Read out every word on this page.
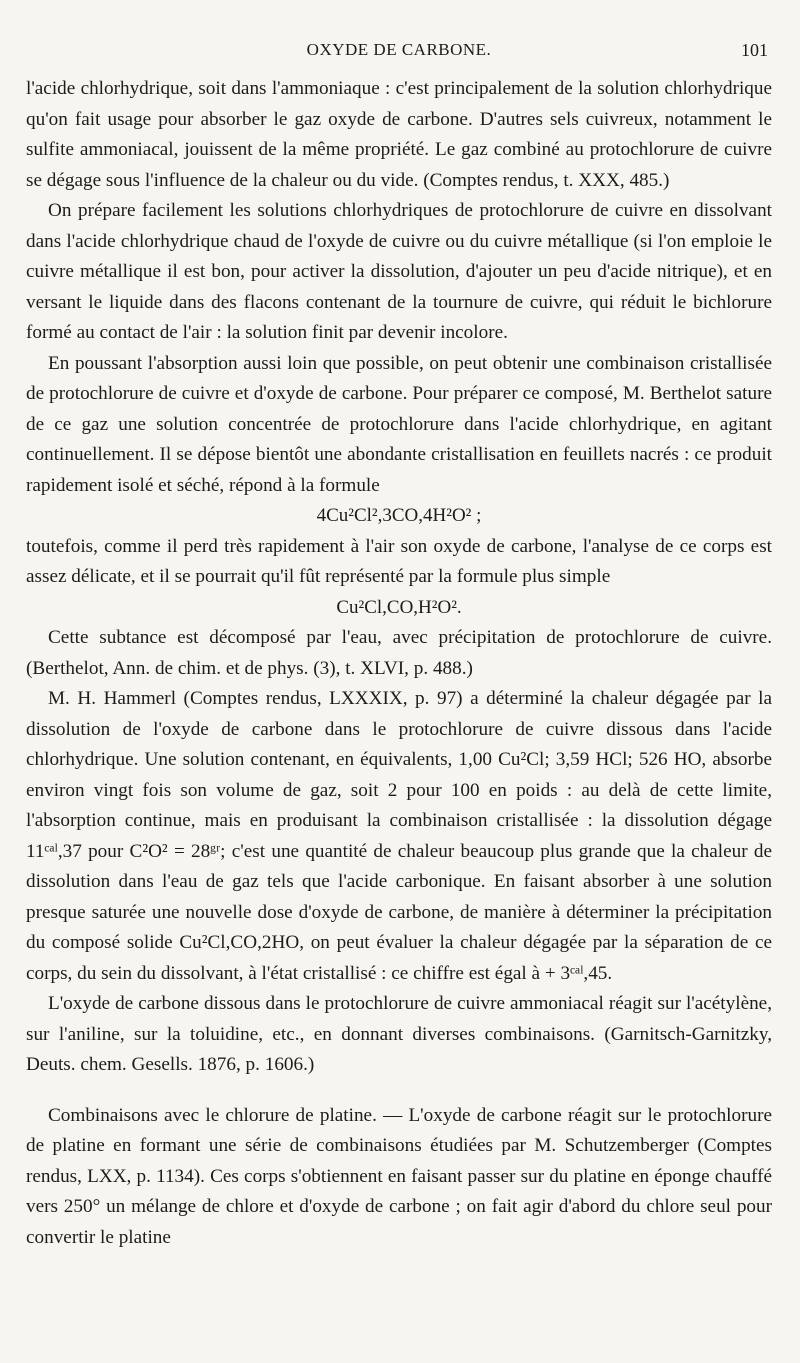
OXYDE DE CARBONE.	101

l'acide chlorhydrique, soit dans l'ammoniaque : c'est principalement de la solution chlorhydrique qu'on fait usage pour absorber le gaz oxyde de carbone. D'autres sels cuivreux, notamment le sulfite ammoniacal, jouissent de la même propriété. Le gaz combiné au protochlorure de cuivre se dégage sous l'influence de la chaleur ou du vide. (Comptes rendus, t. XXX, 485.)

On prépare facilement les solutions chlorhydriques de protochlorure de cuivre en dissolvant dans l'acide chlorhydrique chaud de l'oxyde de cuivre ou du cuivre métallique (si l'on emploie le cuivre métallique il est bon, pour activer la dissolution, d'ajouter un peu d'acide nitrique), et en versant le liquide dans des flacons contenant de la tournure de cuivre, qui réduit le bichlorure formé au contact de l'air : la solution finit par devenir incolore.

En poussant l'absorption aussi loin que possible, on peut obtenir une combinaison cristallisée de protochlorure de cuivre et d'oxyde de carbone. Pour préparer ce composé, M. Berthelot sature de ce gaz une solution concentrée de protochlorure dans l'acide chlorhydrique, en agitant continuellement. Il se dépose bientôt une abondante cristallisation en feuillets nacrés : ce produit rapidement isolé et séché, répond à la formule

4Cu²Cl²,3CO,4H²O² ;

toutefois, comme il perd très rapidement à l'air son oxyde de carbone, l'analyse de ce corps est assez délicate, et il se pourrait qu'il fût représenté par la formule plus simple

Cu²Cl,CO,H²O².

Cette subtance est décomposé par l'eau, avec précipitation de protochlorure de cuivre. (Berthelot, Ann. de chim. et de phys. (3), t. XLVI, p. 488.)

M. H. Hammerl (Comptes rendus, LXXXIX, p. 97) a déterminé la chaleur dégagée par la dissolution de l'oxyde de carbone dans le protochlorure de cuivre dissous dans l'acide chlorhydrique. Une solution contenant, en équivalents, 1,00 Cu²Cl; 3,59 HCl; 526 HO, absorbe environ vingt fois son volume de gaz, soit 2 pour 100 en poids : au delà de cette limite, l'absorption continue, mais en produisant la combinaison cristallisée : la dissolution dégage 11ᶜᵃˡ,37 pour C²O² = 28ᵍʳ; c'est une quantité de chaleur beaucoup plus grande que la chaleur de dissolution dans l'eau de gaz tels que l'acide carbonique. En faisant absorber à une solution presque saturée une nouvelle dose d'oxyde de carbone, de manière à déterminer la précipitation du composé solide Cu²Cl,CO,2HO, on peut évaluer la chaleur dégagée par la séparation de ce corps, du sein du dissolvant, à l'état cristallisé : ce chiffre est égal à + 3ᶜᵃˡ,45.

L'oxyde de carbone dissous dans le protochlorure de cuivre ammoniacal réagit sur l'acétylène, sur l'aniline, sur la toluidine, etc., en donnant diverses combinaisons. (Garnitsch-Garnitzky, Deuts. chem. Gesells. 1876, p. 1606.)

Combinaisons avec le chlorure de platine. — L'oxyde de carbone réagit sur le protochlorure de platine en formant une série de combinaisons étudiées par M. Schutzemberger (Comptes rendus, LXX, p. 1134). Ces corps s'obtiennent en faisant passer sur du platine en éponge chauffé vers 250° un mélange de chlore et d'oxyde de carbone ; on fait agir d'abord du chlore seul pour convertir le platine
